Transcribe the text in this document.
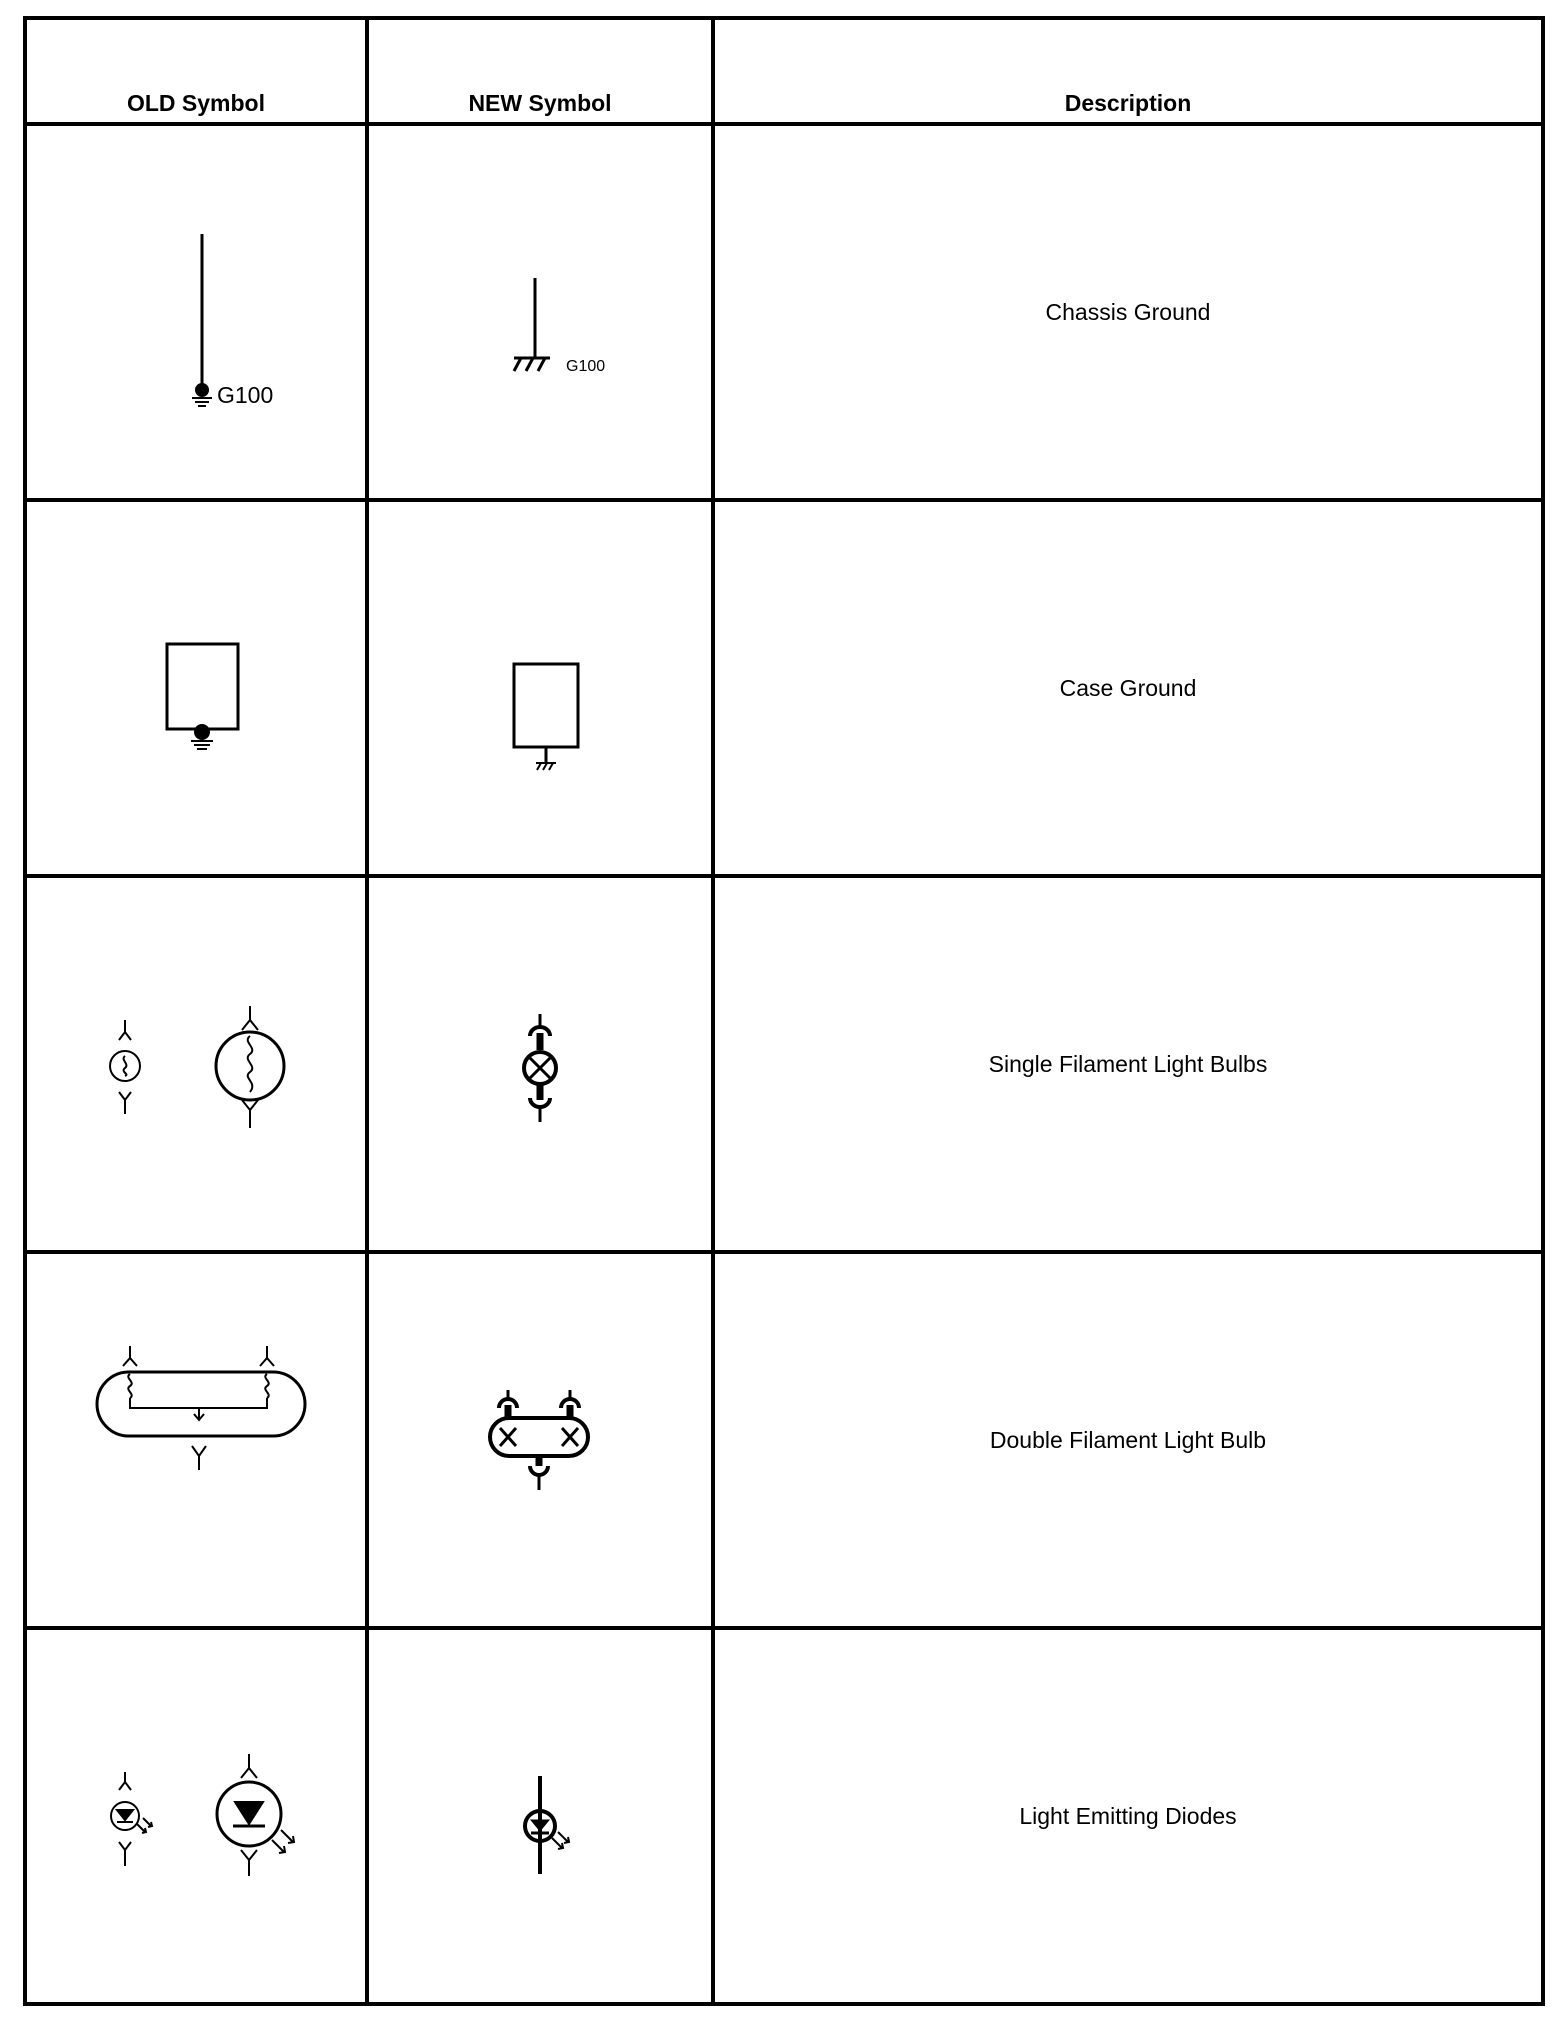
OLD Symbol	NEW Symbol	Description
G100
G100
Chassis Ground
Case Ground
Single Filament Light Bulbs
Double Filament Light Bulb
Light Emitting Diodes
